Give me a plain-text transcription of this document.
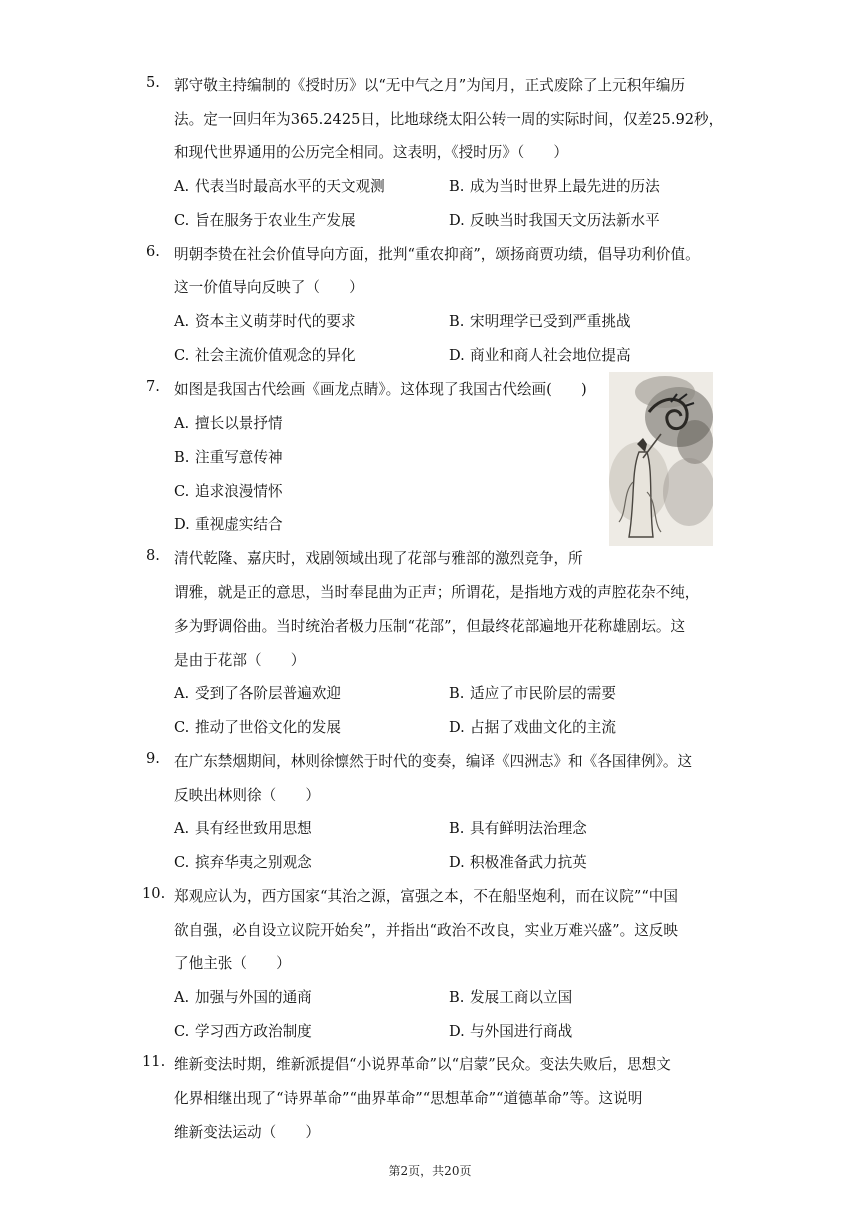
5. 郭守敬主持编制的《授时历》以“无中气之月”为闰月，正式废除了上元积年编历
法。定一回归年为365.2425日，比地球绕太阳公转一周的实际时间，仅差25.92秒，
和现代世界通用的公历完全相同。这表明，《授时历》（　　）
A. 代表当时最高水平的天文观测	B. 成为当时世界上最先进的历法
C. 旨在服务于农业生产发展	D. 反映当时我国天文历法新水平
6. 明朝李贽在社会价值导向方面，批判“重农抑商”，颂扬商贾功绩，倡导功利价值。
这一价值导向反映了（　　）
A. 资本主义萌芽时代的要求	B. 宋明理学已受到严重挑战
C. 社会主流价值观念的异化	D. 商业和商人社会地位提高
7. 如图是我国古代绘画《画龙点睛》。这体现了我国古代绘画(　　)
A. 擅长以景抒情
B. 注重写意传神
C. 追求浪漫情怀
D. 重视虚实结合
8. 清代乾隆、嘉庆时，戏剧领域出现了花部与雅部的激烈竞争，所
谓雅，就是正的意思，当时奉昆曲为正声；所谓花，是指地方戏的声腔花杂不纯，
多为野调俗曲。当时统治者极力压制“花部”，但最终花部遍地开花称雄剧坛。这
是由于花部（　　）
A. 受到了各阶层普遍欢迎	B. 适应了市民阶层的需要
C. 推动了世俗文化的发展	D. 占据了戏曲文化的主流
9. 在广东禁烟期间，林则徐懔然于时代的变奏，编译《四洲志》和《各国律例》。这
反映出林则徐（　　）
A. 具有经世致用思想	B. 具有鲜明法治理念
C. 摈弃华夷之别观念	D. 积极准备武力抗英
10. 郑观应认为，西方国家“其治之源，富强之本，不在船坚炮利，而在议院”“中国
欲自强，必自设立议院开始矣”，并指出“政治不改良，实业万难兴盛”。这反映
了他主张（　　）
A. 加强与外国的通商	B. 发展工商以立国
C. 学习西方政治制度	D. 与外国进行商战
11. 维新变法时期，维新派提倡“小说界革命”以“启蒙”民众。变法失败后，思想文
化界相继出现了“诗界革命”“曲界革命”“思想革命”“道德革命”等。这说明
维新变法运动（　　）
第2页，共20页
